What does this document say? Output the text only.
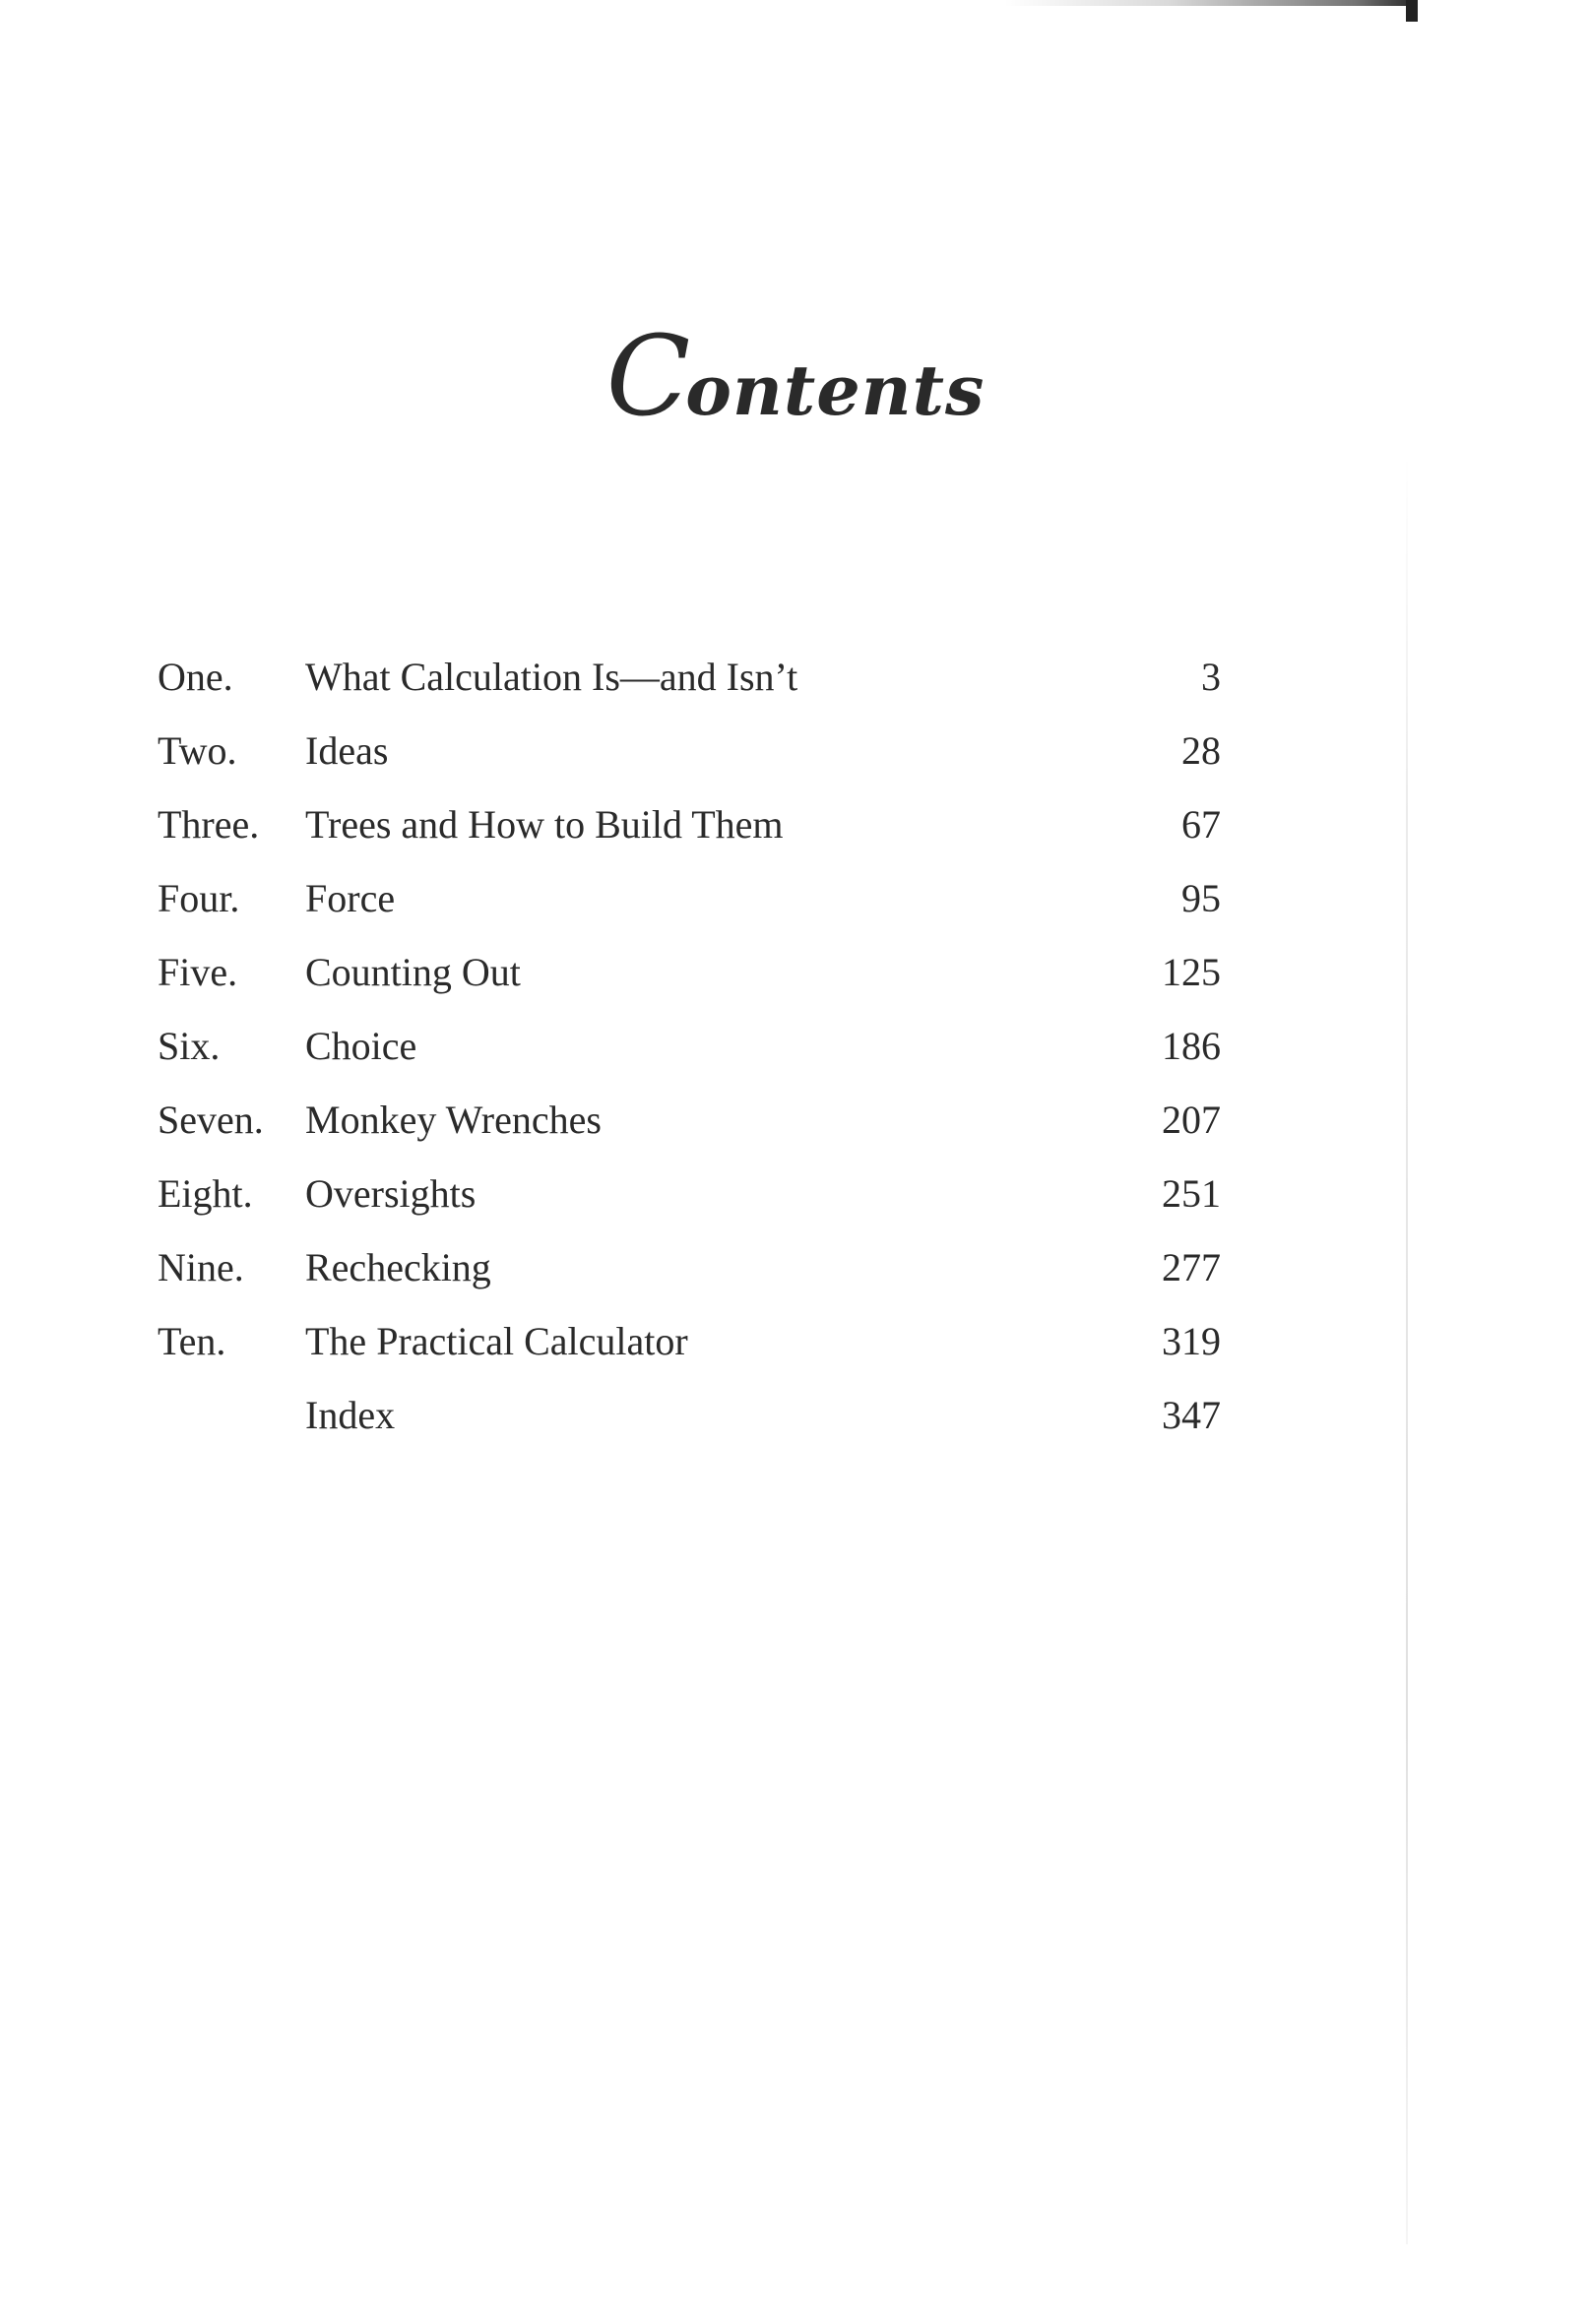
Contents
One. What Calculation Is—and Isn’t	3
Two. Ideas	28
Three. Trees and How to Build Them	67
Four. Force	95
Five. Counting Out	125
Six. Choice	186
Seven. Monkey Wrenches	207
Eight. Oversights	251
Nine. Rechecking	277
Ten. The Practical Calculator	319
Index	347
